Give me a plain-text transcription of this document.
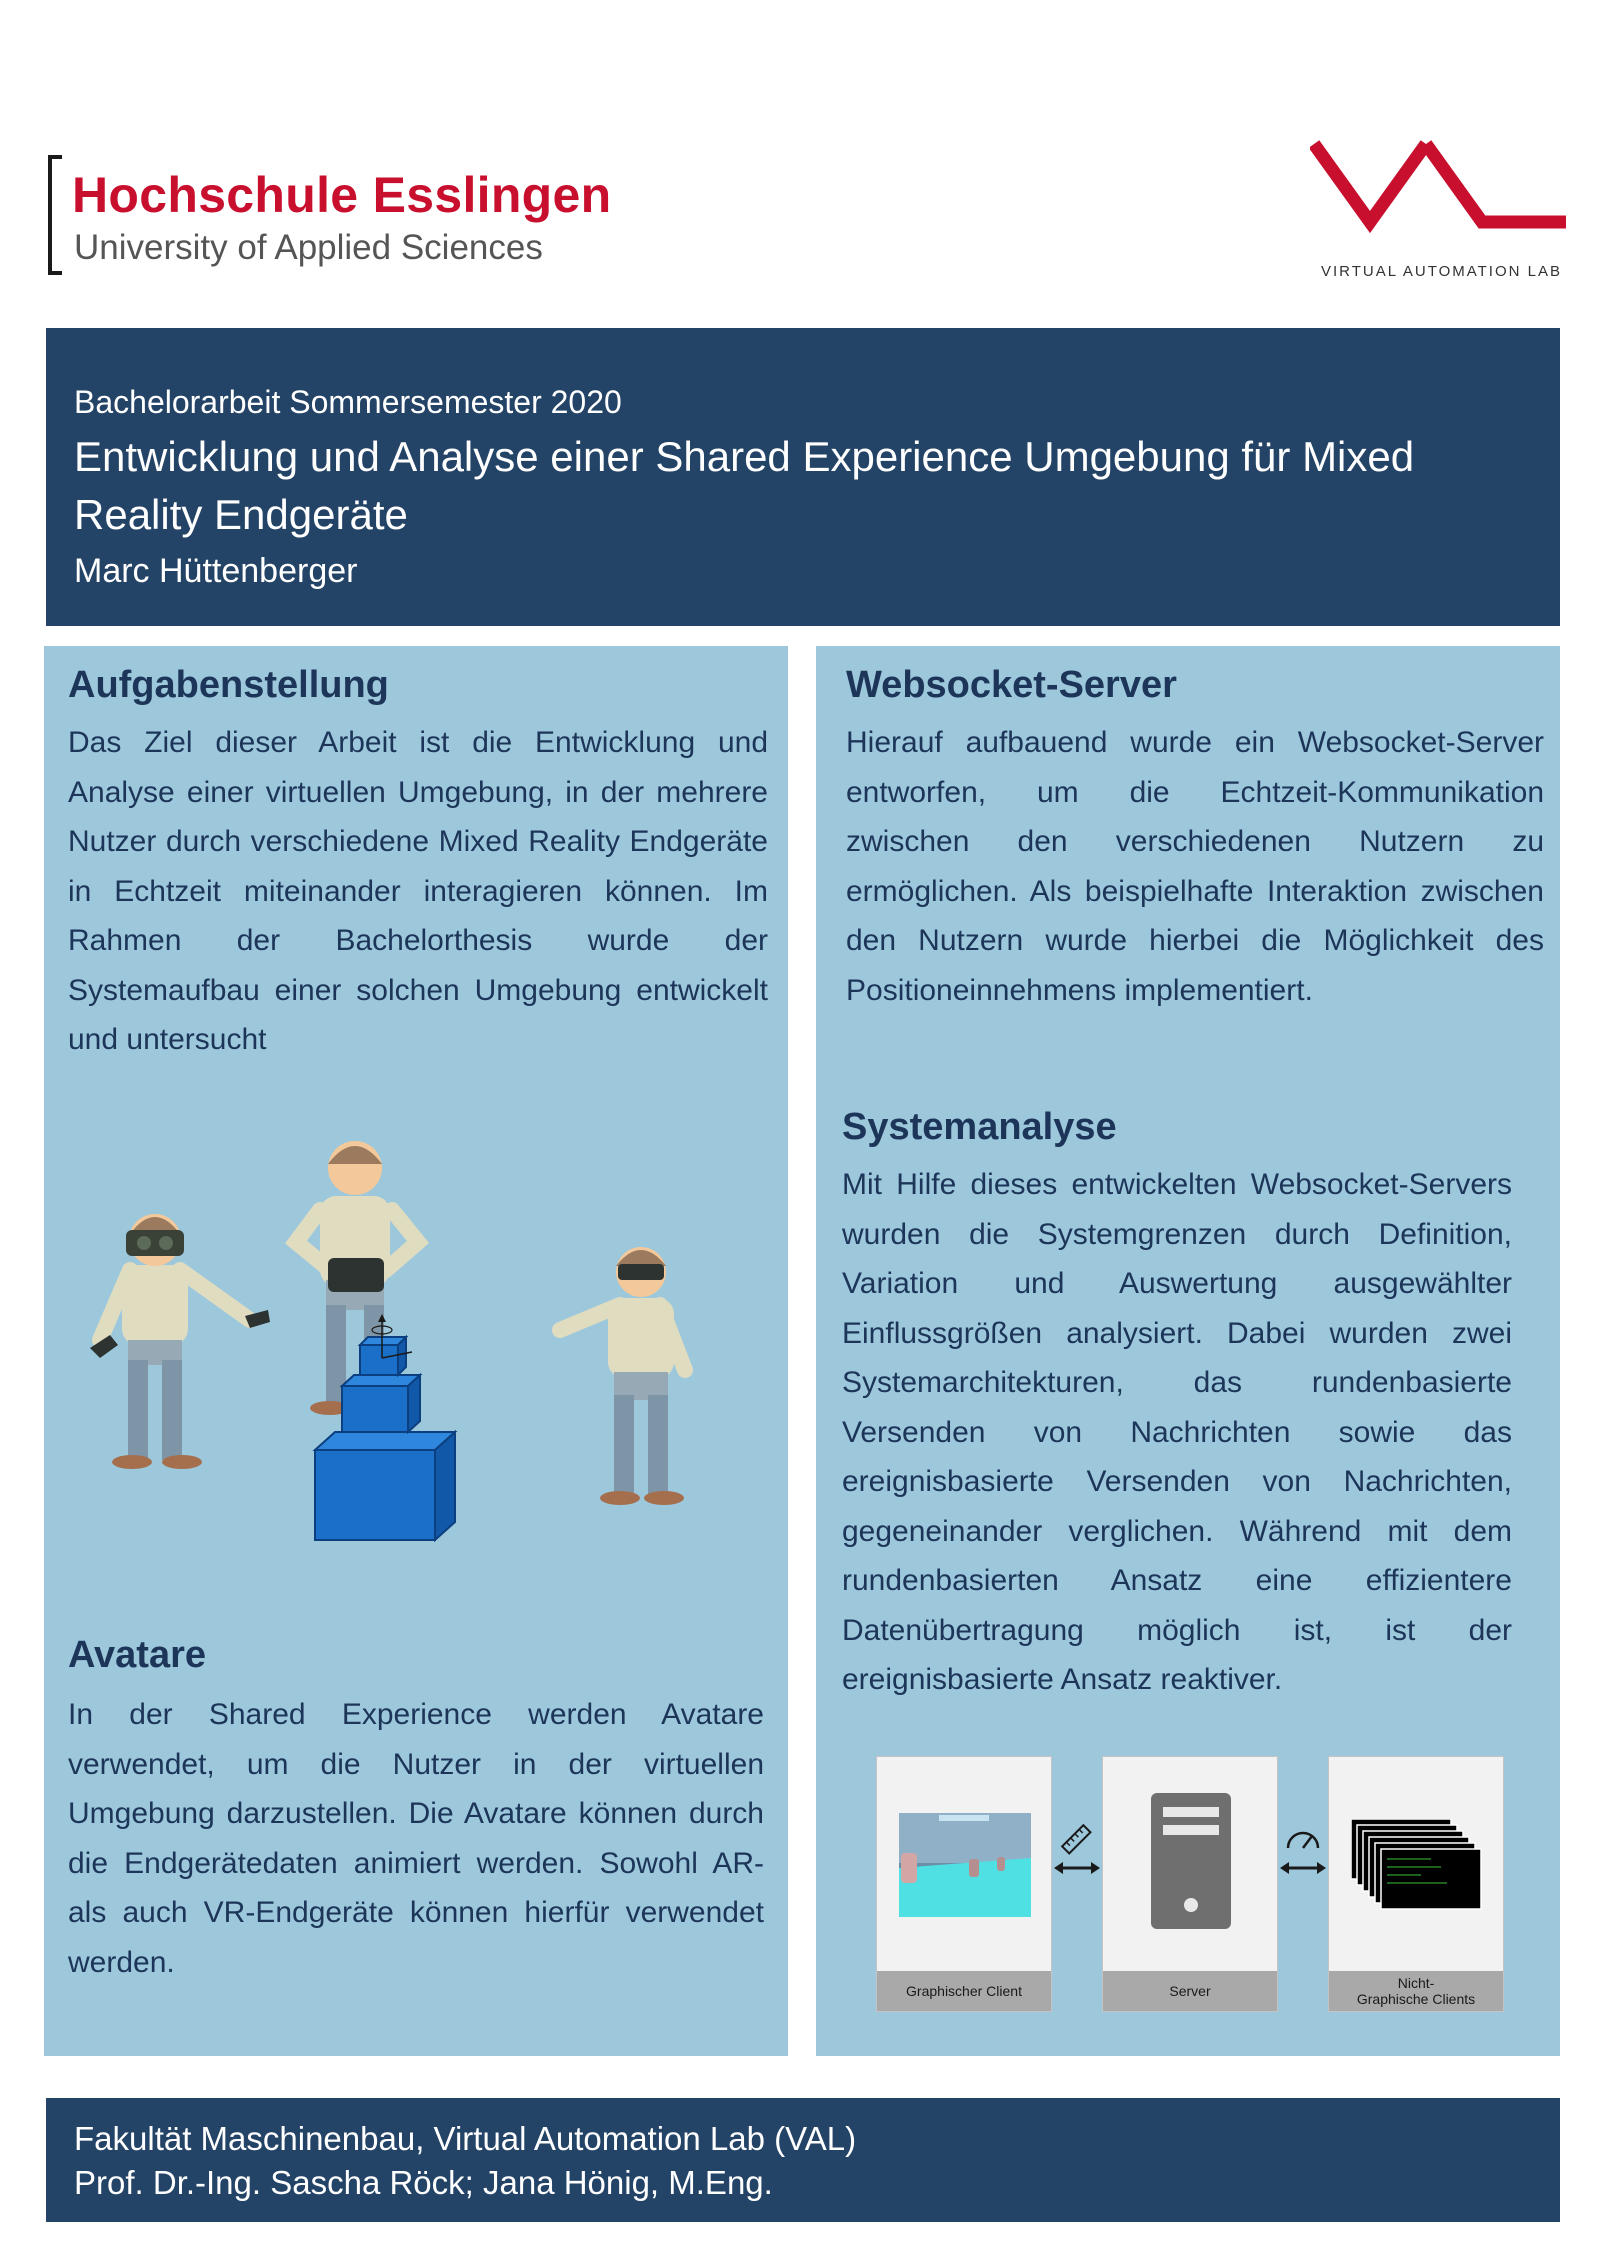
Hochschule Esslingen
University of Applied Sciences
VIRTUAL AUTOMATION LAB
Bachelorarbeit Sommersemester 2020
Entwicklung und Analyse einer Shared Experience Umgebung für Mixed Reality Endgeräte
Marc Hüttenberger
Aufgabenstellung

Das Ziel dieser Arbeit ist die Entwicklung und Analyse einer virtuellen Umgebung, in der mehrere Nutzer durch verschiedene Mixed Reality Endgeräte in Echtzeit miteinander interagieren können. Im Rahmen der Bachelorthesis wurde der Systemaufbau einer solchen Umgebung entwickelt und untersucht

Avatare

In der Shared Experience werden Avatare verwendet, um die Nutzer in der virtuellen Umgebung darzustellen. Die Avatare können durch die Endgerätedaten animiert werden. Sowohl AR- als auch VR-Endgeräte können hierfür verwendet werden.

Websocket-Server

Hierauf aufbauend wurde ein Websocket-Server entworfen, um die Echtzeit-Kommunikation zwischen den verschiedenen Nutzern zu ermöglichen. Als beispielhafte Interaktion zwischen den Nutzern wurde hierbei die Möglichkeit des Positioneinnehmens implementiert.

Systemanalyse

Mit Hilfe dieses entwickelten Websocket-Servers wurden die Systemgrenzen durch Definition, Variation und Auswertung ausgewählter Einflussgrößen analysiert. Dabei wurden zwei Systemarchitekturen, das rundenbasierte Versenden von Nachrichten sowie das ereignisbasierte Versenden von Nachrichten, gegeneinander verglichen. Während mit dem rundenbasierten Ansatz eine effizientere Datenübertragung möglich ist, ist der ereignisbasierte Ansatz reaktiver.

Graphischer Client	Server	Nicht-
Graphische Clients
Fakultät Maschinenbau, Virtual Automation Lab (VAL)
Prof. Dr.-Ing. Sascha Röck; Jana Hönig, M.Eng.
